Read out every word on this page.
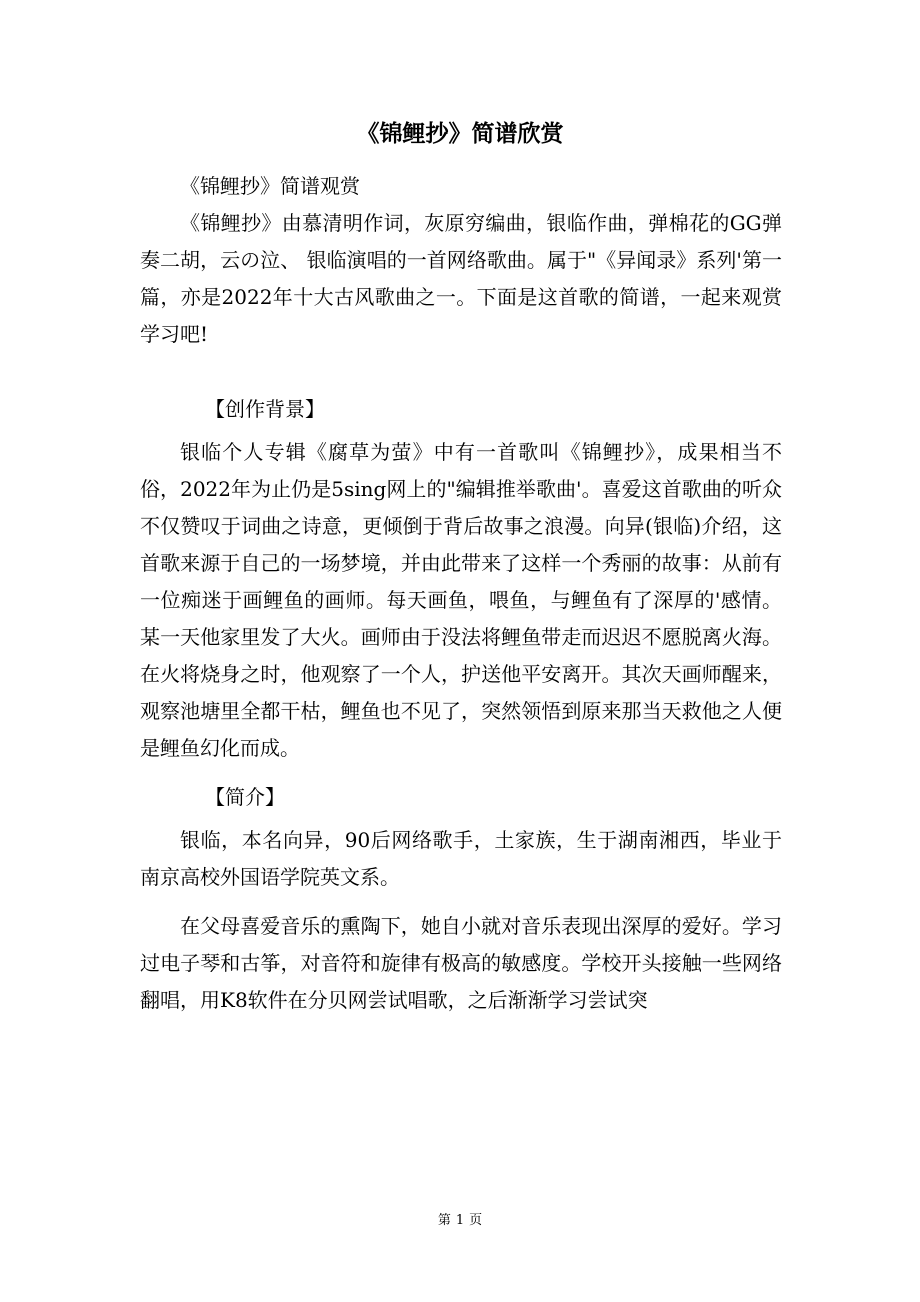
《锦鲤抄》简谱欣赏

《锦鲤抄》简谱观赏

《锦鲤抄》由慕清明作词，灰原穷编曲，银临作曲，弹棉花的GG弹奏二胡，云の泣、 银临演唱的一首网络歌曲。属于"《异闻录》系列'第一篇，亦是2022年十大古风歌曲之一。下面是这首歌的简谱，一起来观赏学习吧!

【创作背景】

银临个人专辑《腐草为萤》中有一首歌叫《锦鲤抄》，成果相当不俗，2022年为止仍是5sing网上的"编辑推举歌曲'。喜爱这首歌曲的听众不仅赞叹于词曲之诗意，更倾倒于背后故事之浪漫。向异(银临)介绍，这首歌来源于自己的一场梦境，并由此带来了这样一个秀丽的故事：从前有一位痴迷于画鲤鱼的画师。每天画鱼，喂鱼，与鲤鱼有了深厚的'感情。某一天他家里发了大火。画师由于没法将鲤鱼带走而迟迟不愿脱离火海。在火将烧身之时，他观察了一个人，护送他平安离开。其次天画师醒来，观察池塘里全都干枯，鲤鱼也不见了，突然领悟到原来那当天救他之人便是鲤鱼幻化而成。

【简介】

银临，本名向异，90后网络歌手，土家族，生于湖南湘西，毕业于南京高校外国语学院英文系。

在父母喜爱音乐的熏陶下，她自小就对音乐表现出深厚的爱好。学习过电子琴和古筝，对音符和旋律有极高的敏感度。学校开头接触一些网络翻唱，用K8软件在分贝网尝试唱歌，之后渐渐学习尝试突

第 1 页
